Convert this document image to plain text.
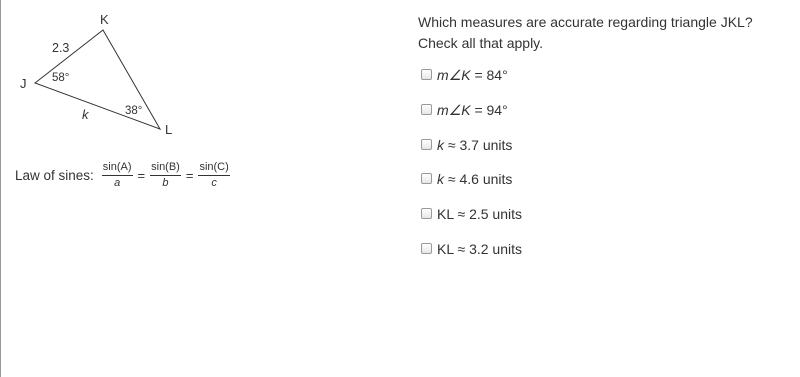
K
J
L
2.3
58°
38°
k
Law of sines: $\frac{\sin(A)}{a} = \frac{\sin(B)}{b} = \frac{\sin(C)}{c}$
Which measures are accurate regarding triangle JKL?
Check all that apply.
m∠K = 84°
m∠K = 94°
k ≈ 3.7 units
k ≈ 4.6 units
KL ≈ 2.5 units
KL ≈ 3.2 units
